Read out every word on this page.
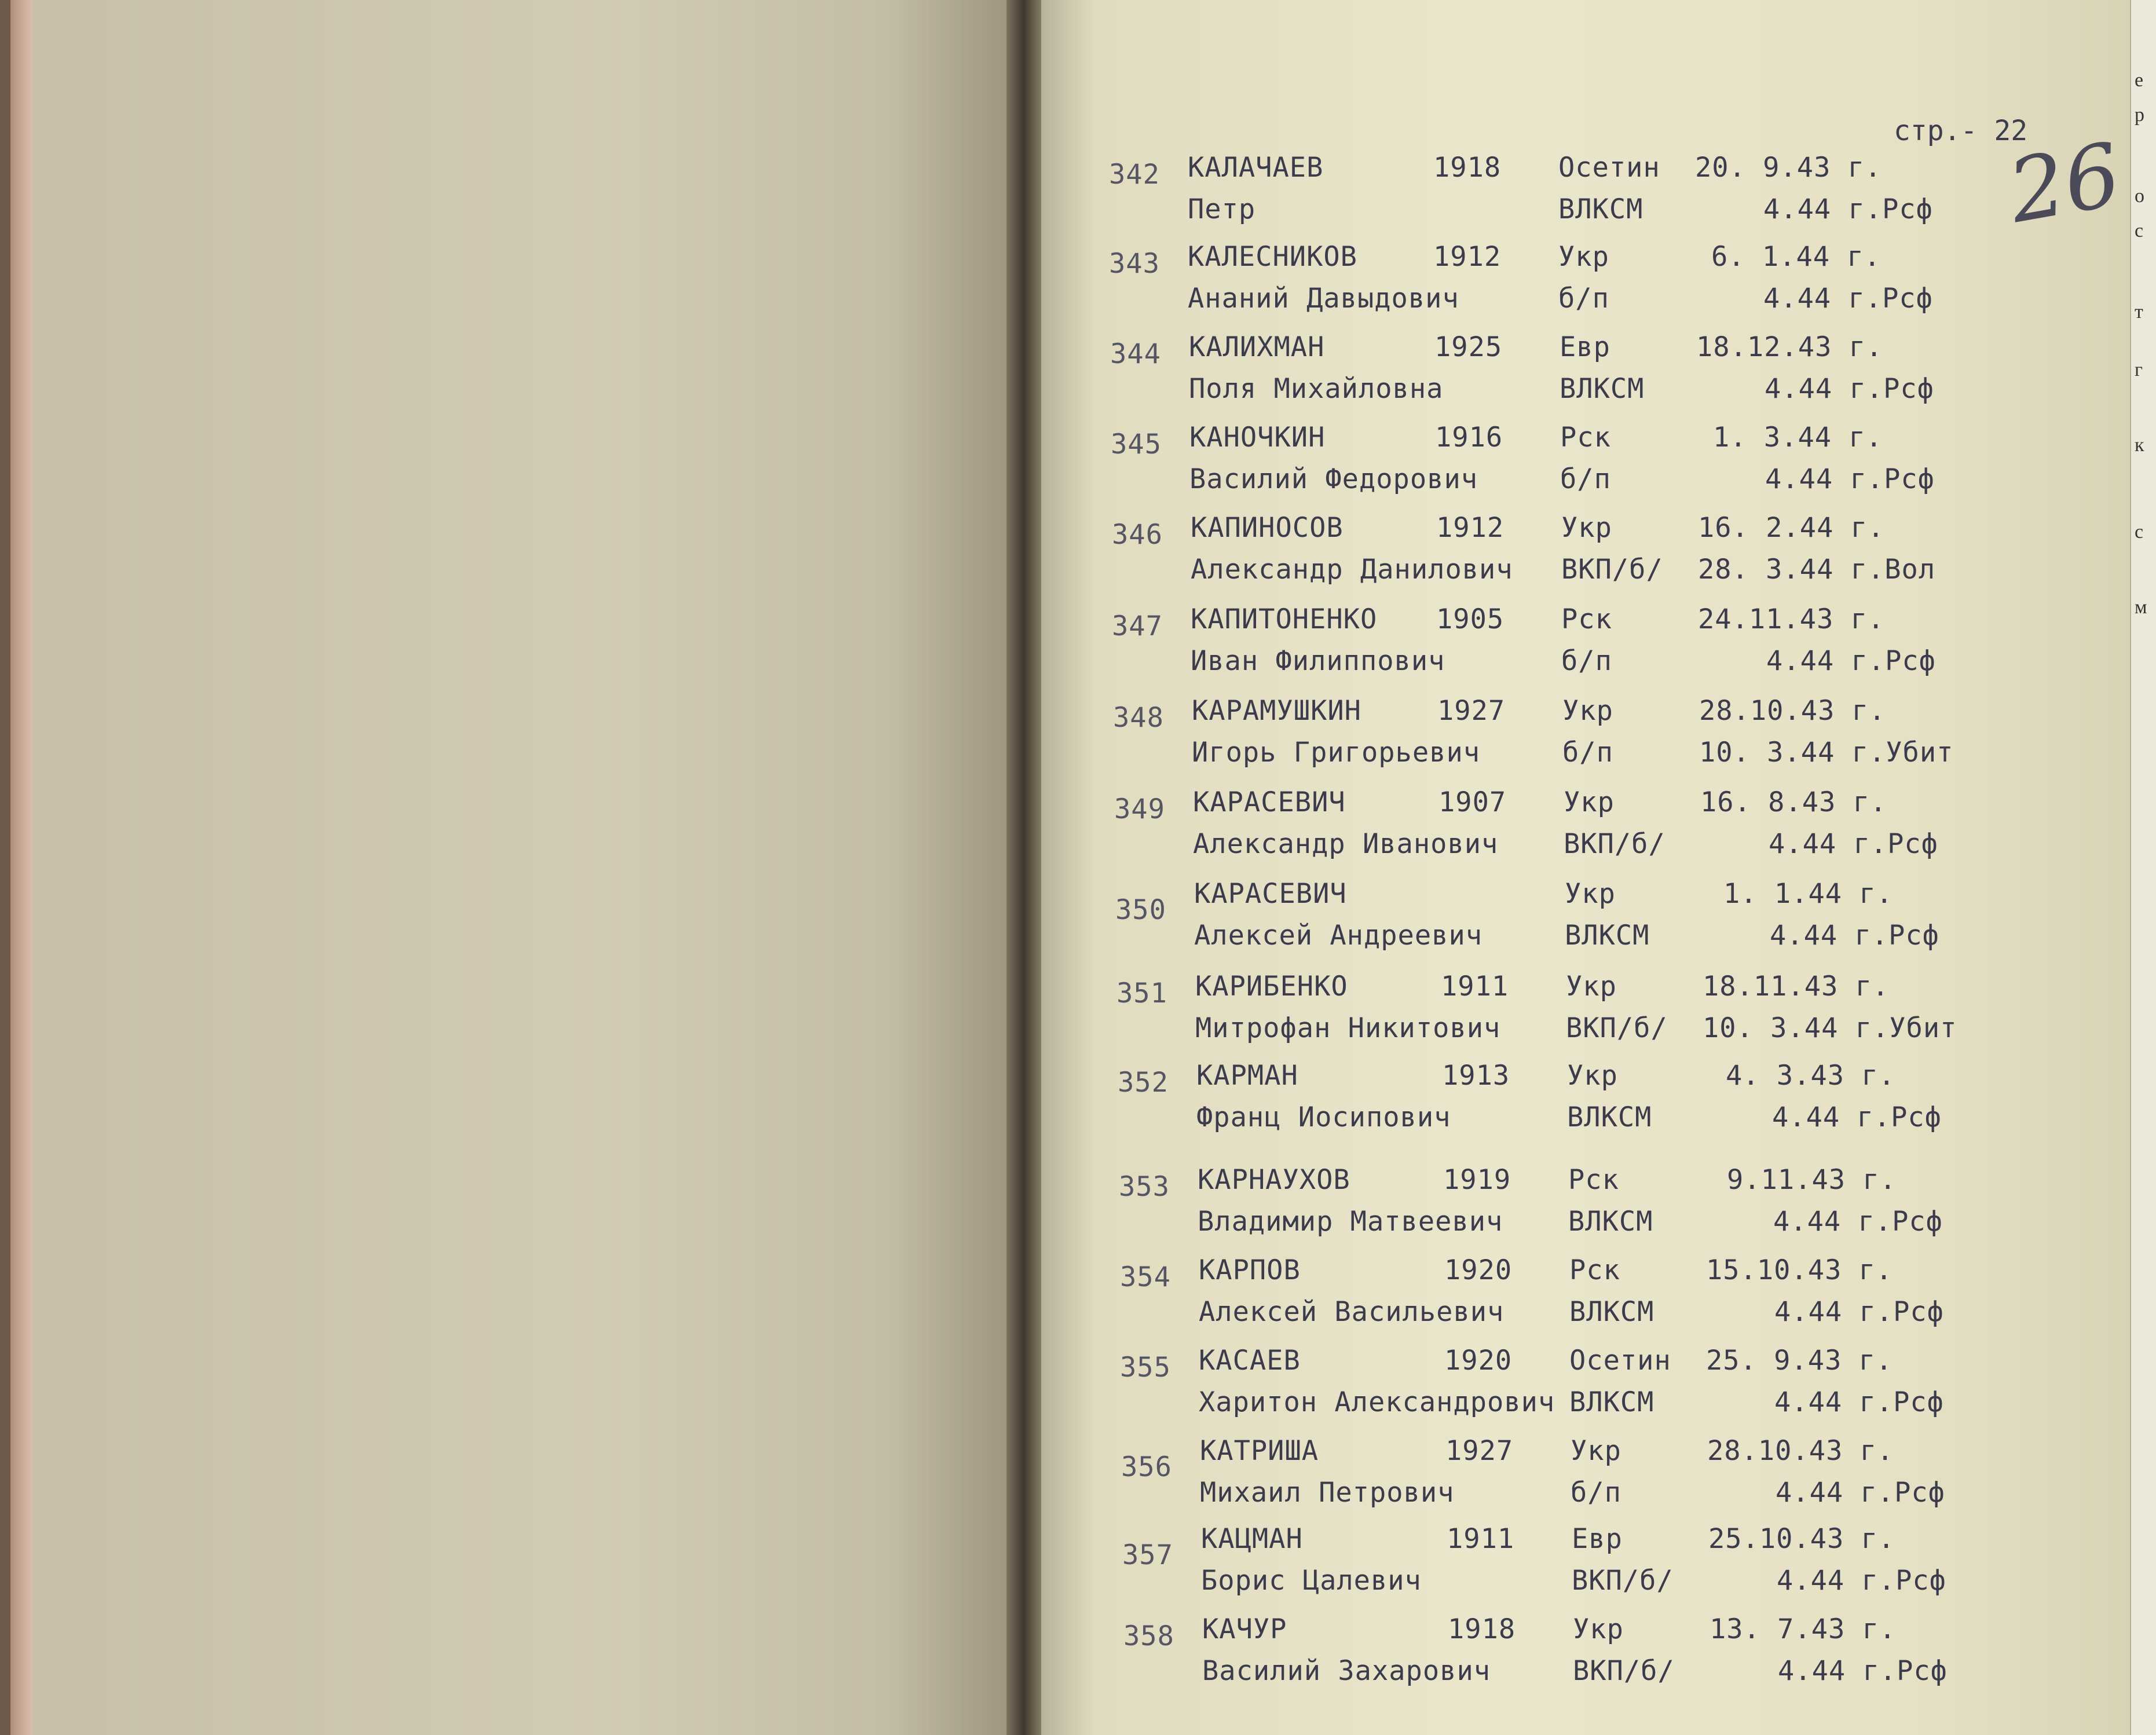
е
р
о
с
т
г
к
с
м
стр.- 22
26
342 КАЛАЧАЕВ
Петр
1918 Осетин
ВЛКСМ
20. 9.43 г.
4.44 г.Рсф
343 КАЛЕСНИКОВ
Ананий Давыдович
1912 Укр
б/п
6. 1.44 г.
4.44 г.Рсф
344 КАЛИХМАН
Поля Михайловна
1925 Евр
ВЛКСМ
18.12.43 г.
4.44 г.Рсф
345 КАНОЧКИН
Василий Федорович
1916 Рск
б/п
1. 3.44 г.
4.44 г.Рсф
346 КАПИНОСОВ
Александр Данилович
1912 Укр
ВКП/б/
16. 2.44 г.
28. 3.44 г.Вол
347 КАПИТОНЕНКО
Иван Филиппович
1905 Рск
б/п
24.11.43 г.
4.44 г.Рсф
348 КАРАМУШКИН
Игорь Григорьевич
1927 Укр
б/п
28.10.43 г.
10. 3.44 г.Убит
349 КАРАСЕВИЧ
Александр Иванович
1907 Укр
ВКП/б/
16. 8.43 г.
4.44 г.Рсф
350
КАРАСЕВИЧ
Алексей Андреевич
Укр
ВЛКСМ
1. 1.44 г.
4.44 г.Рсф
351 КАРИБЕНКО
Митрофан Никитович
1911 Укр
ВКП/б/
18.11.43 г.
10. 3.44 г.Убит
352 КАРМАН
Франц Иосипович
1913 Укр
ВЛКСМ
4. 3.43 г.
4.44 г.Рсф
353 КАРНАУХОВ
Владимир Матвеевич
1919 Рск
ВЛКСМ
9.11.43 г.
4.44 г.Рсф
354 КАРПОВ
Алексей Васильевич
1920 Рск
ВЛКСМ
15.10.43 г.
4.44 г.Рсф
355 КАСАЕВ
Харитон Александрович
1920 Осетин
ВЛКСМ
25. 9.43 г.
4.44 г.Рсф
356
КАТРИША
Михаил Петрович
1927 Укр
б/п
28.10.43 г.
4.44 г.Рсф
357
КАЦМАН
Борис Цалевич
1911 Евр
ВКП/б/
25.10.43 г.
4.44 г.Рсф
358 КАЧУР
Василий Захарович
1918 Укр
ВКП/б/
13. 7.43 г.
4.44 г.Рсф
